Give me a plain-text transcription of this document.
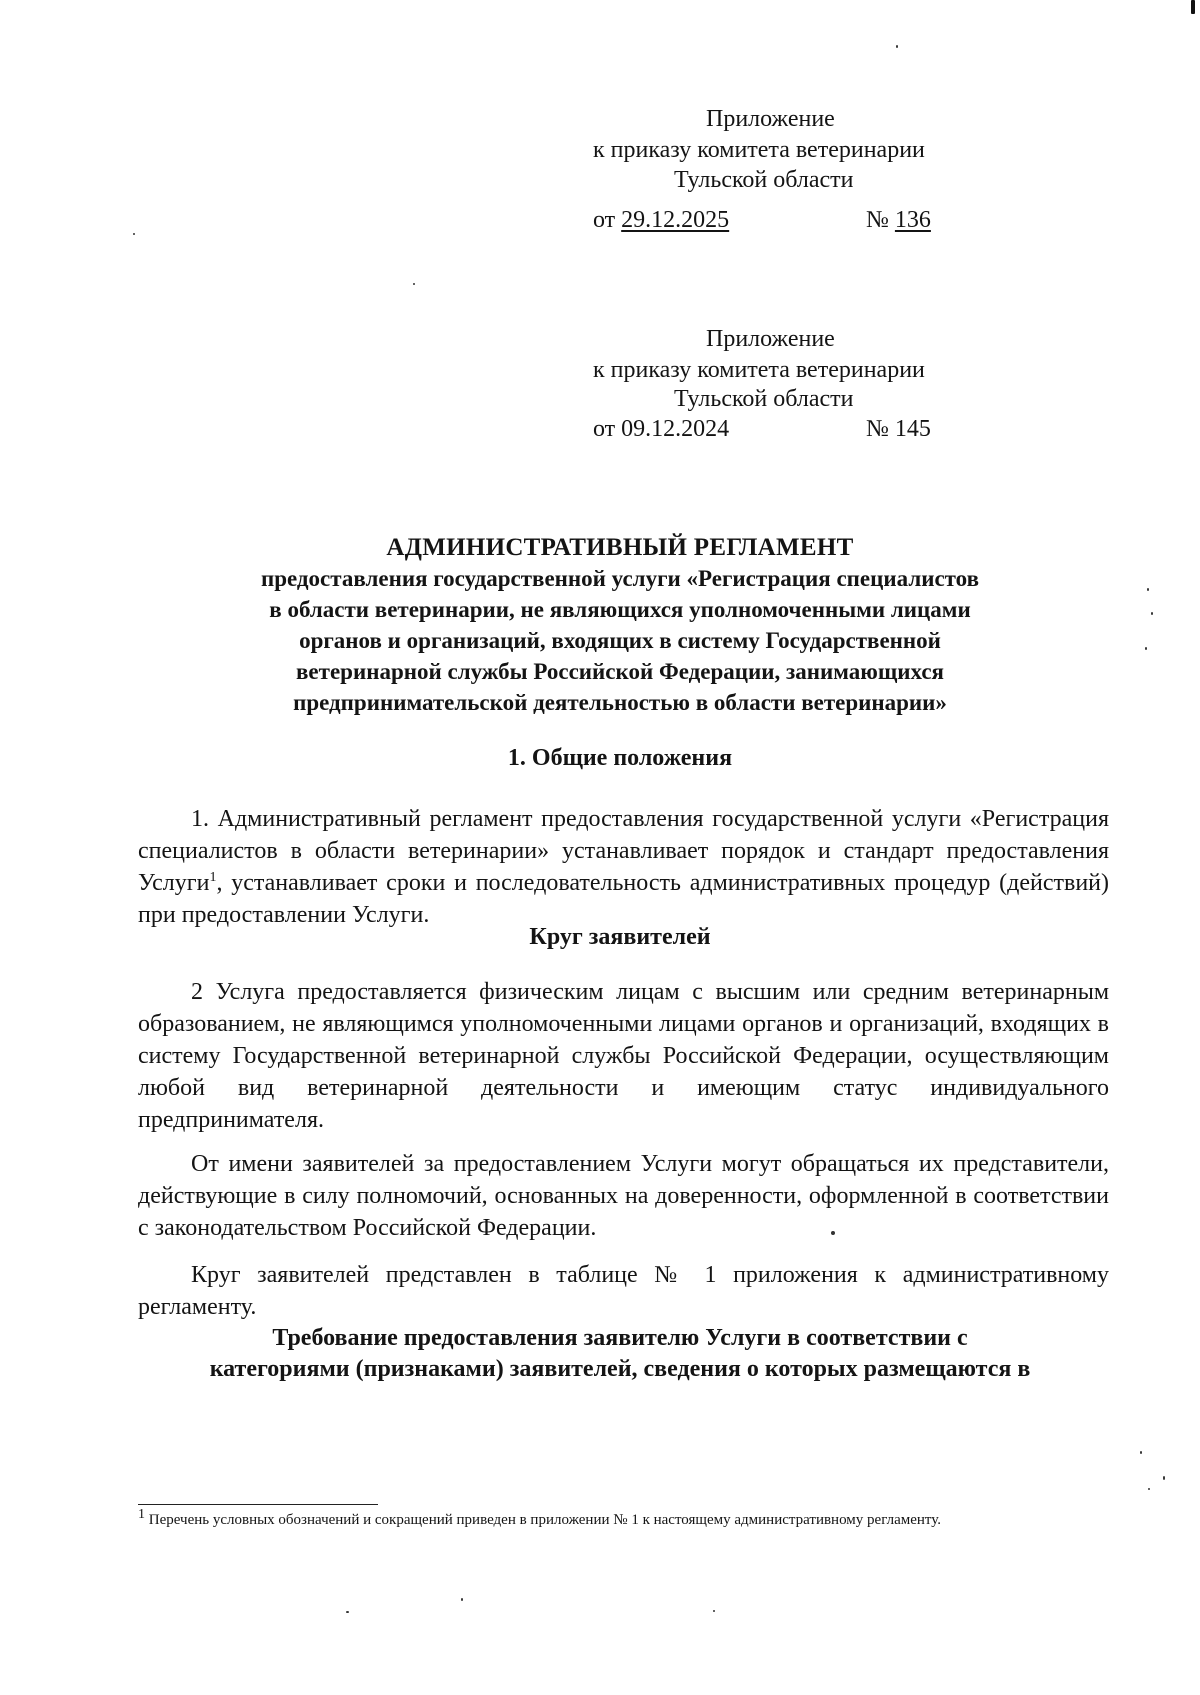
Приложение
к приказу комитета ветеринарии
Тульской области
от 29.12.2025	№ 136
Приложение
к приказу комитета ветеринарии
Тульской области
от 09.12.2024	№ 145
АДМИНИСТРАТИВНЫЙ РЕГЛАМЕНТ
предоставления государственной услуги «Регистрация специалистов
в области ветеринарии, не являющихся уполномоченными лицами
органов и организаций, входящих в систему Государственной
ветеринарной службы Российской Федерации, занимающихся
предпринимательской деятельностью в области ветеринарии»
1. Общие положения
1. Административный регламент предоставления государственной услуги «Регистрация специалистов в области ветеринарии» устанавливает порядок и стандарт предоставления Услуги$^1$, устанавливает сроки и последовательность административных процедур (действий) при предоставлении Услуги.
Круг заявителей
2 Услуга предоставляется физическим лицам с высшим или средним ветеринарным образованием, не являющимся уполномоченными лицами органов и организаций, входящих в систему Государственной ветеринарной службы Российской Федерации, осуществляющим любой вид ветеринарной деятельности и имеющим статус индивидуального предпринимателя.
От имени заявителей за предоставлением Услуги могут обращаться их представители, действующие в силу полномочий, основанных на доверенности, оформленной в соответствии с законодательством Российской Федерации.
Круг заявителей представлен в таблице № 1 приложения к административному регламенту.
Требование предоставления заявителю Услуги в соответствии с
категориями (признаками) заявителей, сведения о которых размещаются в
$^1$ Перечень условных обозначений и сокращений приведен в приложении № 1 к настоящему административному регламенту.
